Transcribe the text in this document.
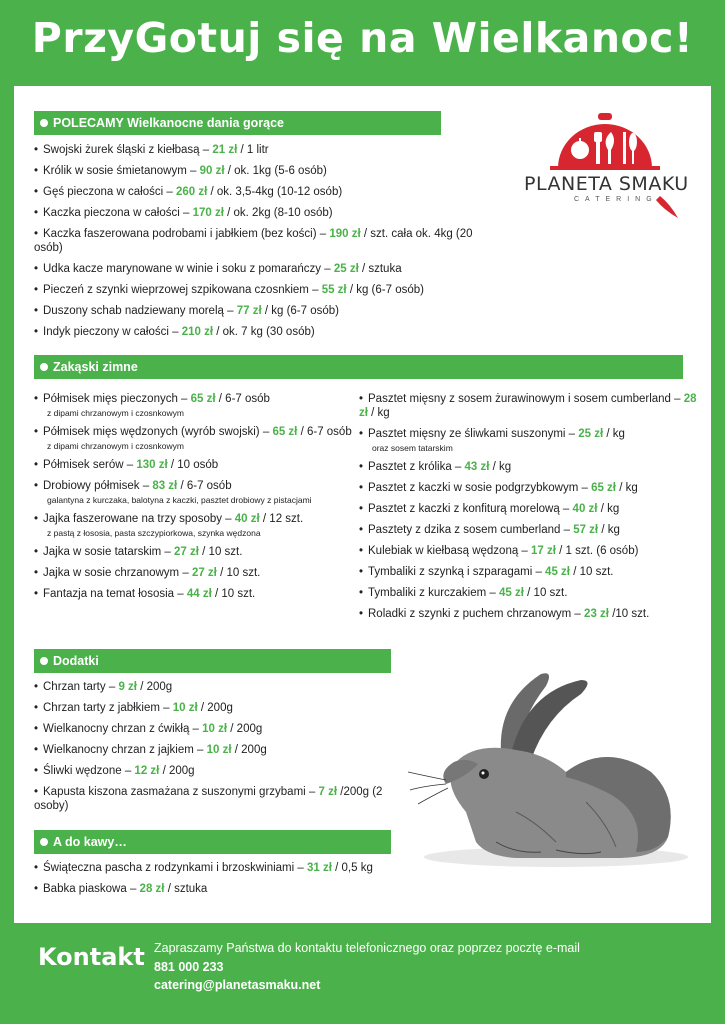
PrzyGotuj się na Wielkanoc!
PLANETA SMAKU
CATERING
POLECAMY Wielkanocne dania gorące
• Swojski żurek śląski z kiełbasą – 21 zł / 1 litr
• Królik w sosie śmietanowym – 90 zł / ok. 1kg (5-6 osób)
• Gęś pieczona w całości – 260 zł / ok. 3,5-4kg (10-12 osób)
• Kaczka pieczona w całości – 170 zł / ok. 2kg (8-10 osób)
• Kaczka faszerowana podrobami i jabłkiem (bez kości) – 190 zł / szt. cała ok. 4kg (20 osób)
• Udka kacze marynowane w winie i soku z pomarańczy – 25 zł / sztuka
• Pieczeń z szynki wieprzowej szpikowana czosnkiem – 55 zł / kg (6-7 osób)
• Duszony schab nadziewany morelą – 77 zł / kg (6-7 osób)
• Indyk pieczony w całości – 210 zł / ok. 7 kg (30 osób)
Zakąski zimne
• Półmisek mięs pieczonych – 65 zł / 6-7 osób
z dipami chrzanowym i czosnkowym
• Półmisek mięs wędzonych (wyrób swojski) – 65 zł / 6-7 osób
z dipami chrzanowym i czosnkowym
• Półmisek serów – 130 zł / 10 osób
• Drobiowy półmisek – 83 zł / 6-7 osób
galantyna z kurczaka, balotyna z kaczki, pasztet drobiowy z pistacjami
• Jajka faszerowane na trzy sposoby – 40 zł / 12 szt.
z pastą z łososia, pasta szczypiorkowa, szynka wędzona
• Jajka w sosie tatarskim – 27 zł / 10 szt.
• Jajka w sosie chrzanowym – 27 zł / 10 szt.
• Fantazja na temat łososia – 44 zł / 10 szt.
• Pasztet mięsny z sosem żurawinowym i sosem cumberland – 28 zł / kg
• Pasztet mięsny ze śliwkami suszonymi – 25 zł / kg
oraz sosem tatarskim
• Pasztet z królika – 43 zł / kg
• Pasztet z kaczki w sosie podgrzybkowym – 65 zł / kg
• Pasztet z kaczki z konfiturą morelową – 40 zł / kg
• Pasztety z dzika z sosem cumberland – 57 zł / kg
• Kulebiak w kiełbasą wędzoną – 17 zł / 1 szt. (6 osób)
• Tymbaliki z szynką i szparagami – 45 zł / 10 szt.
• Tymbaliki z kurczakiem – 45 zł / 10 szt.
• Roladki z szynki z puchem chrzanowym – 23 zł /10 szt.
Dodatki
• Chrzan tarty – 9 zł / 200g
• Chrzan tarty z jabłkiem – 10 zł / 200g
• Wielkanocny chrzan z ćwikłą – 10 zł / 200g
• Wielkanocny chrzan z jajkiem – 10 zł / 200g
• Śliwki wędzone – 12 zł / 200g
• Kapusta kiszona zasmażana z suszonymi grzybami – 7 zł /200g (2 osoby)
A do kawy…
• Świąteczna pascha z rodzynkami i brzoskwiniami – 31 zł / 0,5 kg
• Babka piaskowa – 28 zł / sztuka
Kontakt Zapraszamy Państwa do kontaktu telefonicznego oraz poprzez pocztę e-mail
881 000 233
catering@planetasmaku.net
